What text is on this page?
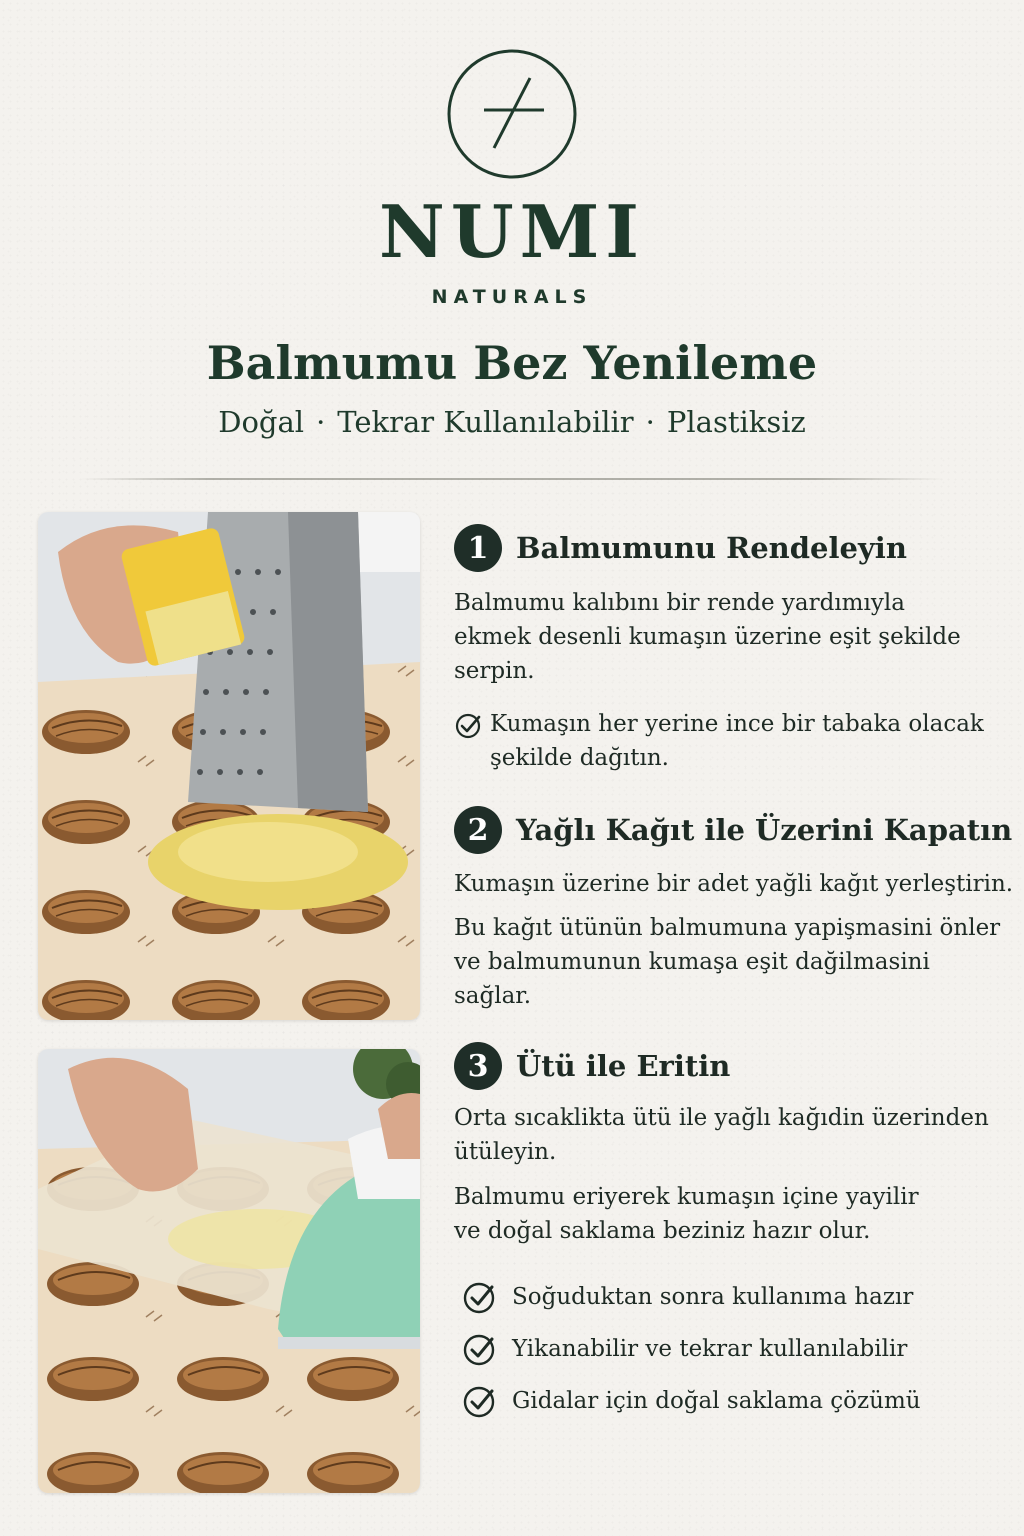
NUMI
NATURALS
Balmumu Bez Yenileme
Doğal · Tekrar Kullanılabilir · Plastiksiz
1 Balmumunu Rendeleyin
Balmumu kalıbını bir rende yardımıyla
ekmek desenli kumaşın üzerine eşit şekilde
serpin.
Kumaşın her yerine ince bir tabaka olacak
şekilde dağıtın.
2 Yağlı Kağıt ile Üzerini Kapatın
Kumaşın üzerine bir adet yağli kağıt yerleştirin.
Bu kağıt ütünün balmumuna yapişmasini önler
ve balmumunun kumaşa eşit dağilmasini sağlar.
3 Ütü ile Eritin
Orta sıcaklikta ütü ile yağlı kağıdin üzerinden
ütüleyin.
Balmumu eriyerek kumaşın içine yayilir
ve doğal saklama beziniz hazır olur.
Soğuduktan sonra kullanıma hazır
Yikanabilir ve tekrar kullanılabilir
Gidalar için doğal saklama çözümü
